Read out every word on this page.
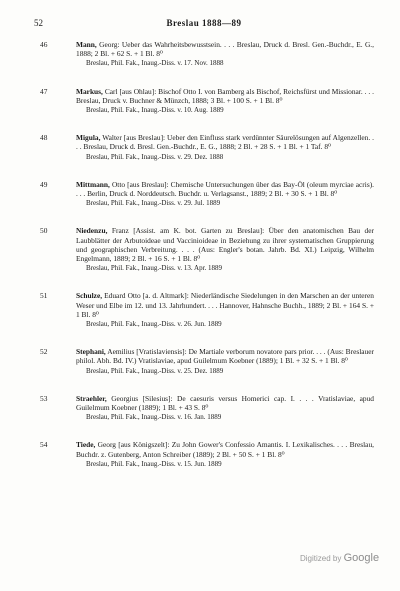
52	Breslau 1888—89
46	Mann, Georg: Ueber das Wahrheitsbewusstsein. . . . Breslau, Druck d. Bresl. Gen.-Buchdr., E. G., 1888; 2 Bl. + 62 S. + 1 Bl. 8⁰
Breslau, Phil. Fak., Inaug.-Diss. v. 17. Nov. 1888
47	Markus, Carl [aus Ohlau]: Bischof Otto I. von Bamberg als Bischof, Reichsfürst und Missionar. . . . Breslau, Druck v. Buchner & Münzch, 1888; 3 Bl. + 100 S. + 1 Bl. 8⁰
Breslau, Phil. Fak., Inaug.-Diss. v. 10. Aug. 1889
48	Migula, Walter [aus Breslau]: Ueber den Einfluss stark verdünnter Säurelösungen auf Algenzellen. . . . Breslau, Druck d. Bresl. Gen.-Buchdr., E. G., 1888; 2 Bl. + 28 S. + 1 Bl. + 1 Taf. 8⁰
Breslau, Phil. Fak., Inaug.-Diss. v. 29. Dez. 1888
49	Mittmann, Otto [aus Breslau]: Chemische Untersuchungen über das Bay-Öl (oleum myrciae acris). . . . Berlin, Druck d. Norddeutsch. Buchdr. u. Verlagsanst., 1889; 2 Bl. + 30 S. + 1 Bl. 8⁰
Breslau, Phil. Fak., Inaug.-Diss. v. 29. Jul. 1889
50	Niedenzu, Franz [Assist. am K. bot. Garten zu Breslau]: Über den anatomischen Bau der Laubblätter der Arbutoideae und Vaccinioideae in Beziehung zu ihrer systematischen Gruppierung und geographischen Verbreitung. . . . (Aus: Engler's botan. Jahrb. Bd. XI.) Leipzig, Wilhelm Engelmann, 1889; 2 Bl. + 16 S. + 1 Bl. 8⁰
Breslau, Phil. Fak., Inaug.-Diss. v. 13. Apr. 1889
51	Schulze, Eduard Otto [a. d. Altmark]: Niederländische Siedelungen in den Marschen an der unteren Weser und Elbe im 12. und 13. Jahrhundert. . . . Hannover, Hahnsche Buchh., 1889; 2 Bl. + 164 S. + 1 Bl. 8⁰
Breslau, Phil. Fak., Inaug.-Diss. v. 26. Jun. 1889
52	Stephani, Aemilius [Vratislaviensis]: De Martiale verborum novatore pars prior. . . . (Aus: Breslauer philol. Abh. Bd. IV.) Vratislaviae, apud Guilelmum Koebner (1889); 1 Bl. + 32 S. + 1 Bl. 8⁰
Breslau, Phil. Fak., Inaug.-Diss. v. 25. Dez. 1889
53	Straehler, Georgius [Silesius]: De caesuris versus Homerici cap. I. . . . Vratislaviae, apud Guilelmum Koebner (1889); 1 Bl. + 43 S. 8⁰
Breslau, Phil. Fak., Inaug.-Diss. v. 16. Jan. 1889
54	Tiede, Georg [aus Königszelt]: Zu John Gower's Confessio Amantis. I. Lexikalisches. . . . Breslau, Buchdr. z. Gutenberg, Anton Schreiber (1889); 2 Bl. + 50 S. + 1 Bl. 8⁰
Breslau, Phil. Fak., Inaug.-Diss. v. 15. Jun. 1889
Digitized by Google
